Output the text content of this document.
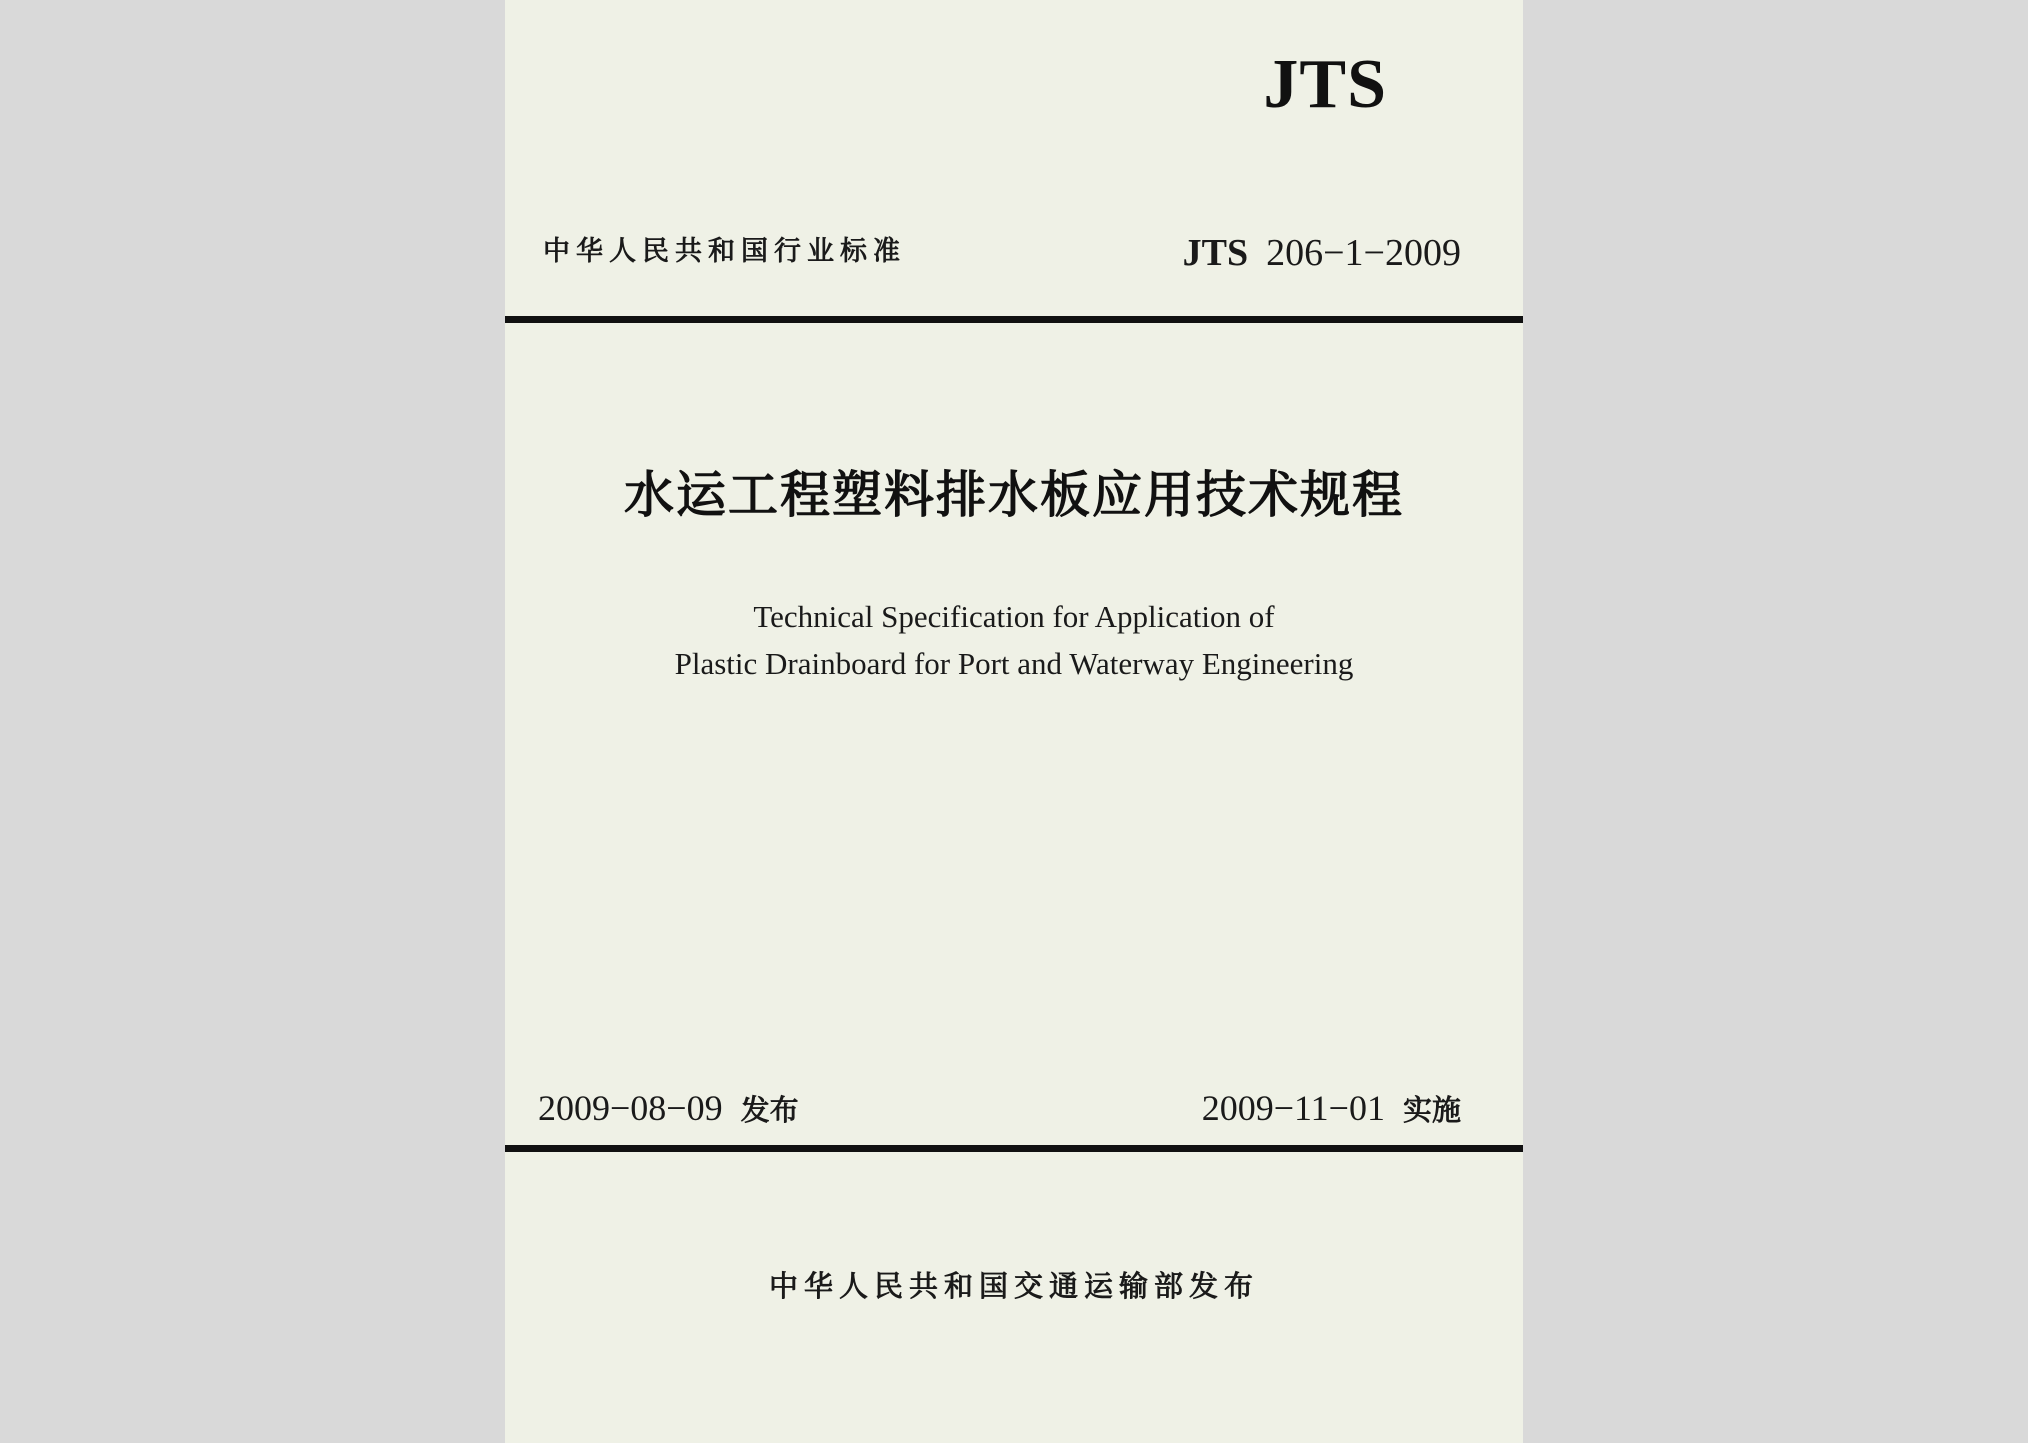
JTS
中华人民共和国行业标准	JTS 206−1−2009
水运工程塑料排水板应用技术规程
Technical Specification for Application of
Plastic Drainboard for Port and Waterway Engineering
2009−08−09 发布	2009−11−01 实施
中华人民共和国交通运输部发布
